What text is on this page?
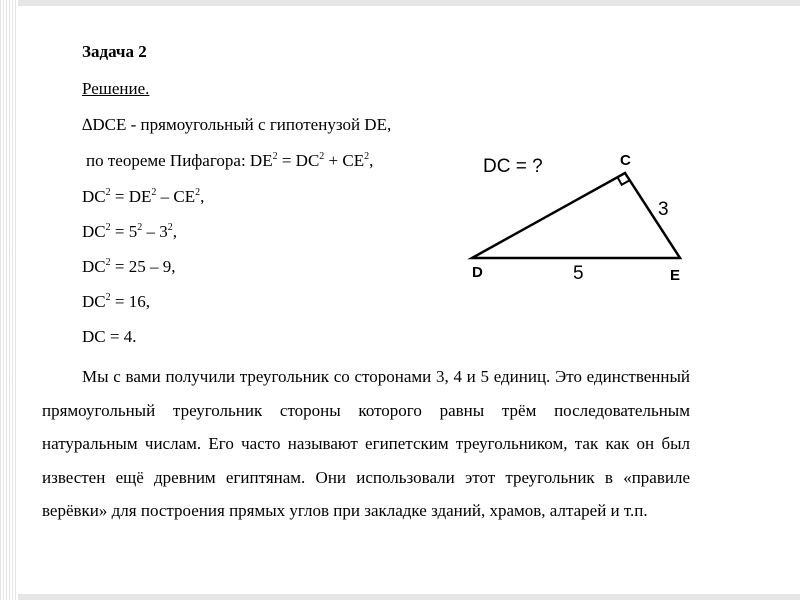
Задача 2
Решение.
∆DCE - прямоугольный с гипотенузой DE,
по теореме Пифагора: $DE^2 = DC^2 + CE^2$,
$DC^2 = DE^2 - CE^2$,
$DC^2 = 5^2 - 3^2$,
$DC^2 = 25 - 9$,
$DC^2 = 16$,
DC = 4.
Мы с вами получили треугольник со сторонами 3, 4 и 5 единиц. Это единственный прямоугольный треугольник стороны которого равны трём последовательным натуральным числам. Его часто называют египетским треугольником, так как он был известен ещё древним египтянам. Они использовали этот треугольник в «правиле верёвки» для построения прямых углов при закладке зданий, храмов, алтарей и т.п.
DC = ?	C
D	E
3
5
